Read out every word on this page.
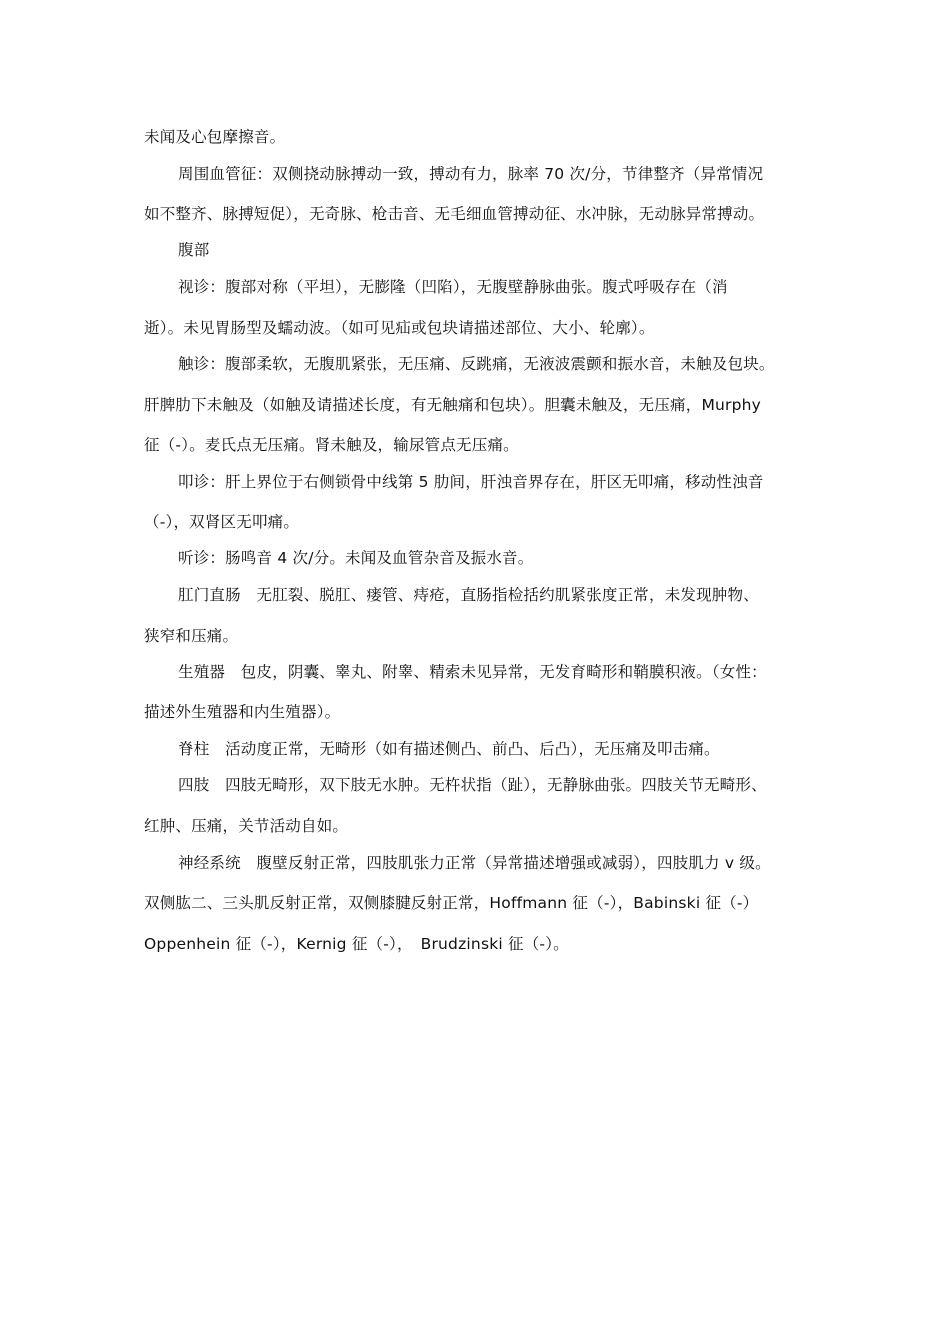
未闻及心包摩擦音。
周围血管征：双侧挠动脉搏动一致，搏动有力，脉率 70 次/分，节律整齐（异常情况
如不整齐、脉搏短促），无奇脉、枪击音、无毛细血管搏动征、水冲脉，无动脉异常搏动。
腹部
视诊：腹部对称（平坦），无膨隆（凹陷），无腹壁静脉曲张。腹式呼吸存在（消
逝）。未见胃肠型及蠕动波。（如可见疝或包块请描述部位、大小、轮廓）。
触诊：腹部柔软，无腹肌紧张，无压痛、反跳痛，无液波震颤和振水音，未触及包块。
肝脾肋下未触及（如触及请描述长度，有无触痛和包块）。胆囊未触及，无压痛，Murphy
征（-）。麦氏点无压痛。肾未触及，输尿管点无压痛。
叩诊：肝上界位于右侧锁骨中线第 5 肋间，肝浊音界存在，肝区无叩痛，移动性浊音
（-），双肾区无叩痛。
听诊：肠鸣音 4 次/分。未闻及血管杂音及振水音。
肛门直肠　无肛裂、脱肛、瘘管、痔疮，直肠指检括约肌紧张度正常，未发现肿物、
狭窄和压痛。
生殖器　包皮，阴囊、睾丸、附睾、精索未见异常，无发育畸形和鞘膜积液。（女性：
描述外生殖器和内生殖器）。
脊柱　活动度正常，无畸形（如有描述侧凸、前凸、后凸），无压痛及叩击痛。
四肢　四肢无畸形，双下肢无水肿。无杵状指（趾），无静脉曲张。四肢关节无畸形、
红肿、压痛，关节活动自如。
神经系统　腹壁反射正常，四肢肌张力正常（异常描述增强或减弱），四肢肌力 v 级。
双侧肱二、三头肌反射正常，双侧膝腱反射正常，Hoffmann 征（-），Babinski 征（-）
Oppenhein 征（-），Kernig 征（-），　Brudzinski 征（-）。
